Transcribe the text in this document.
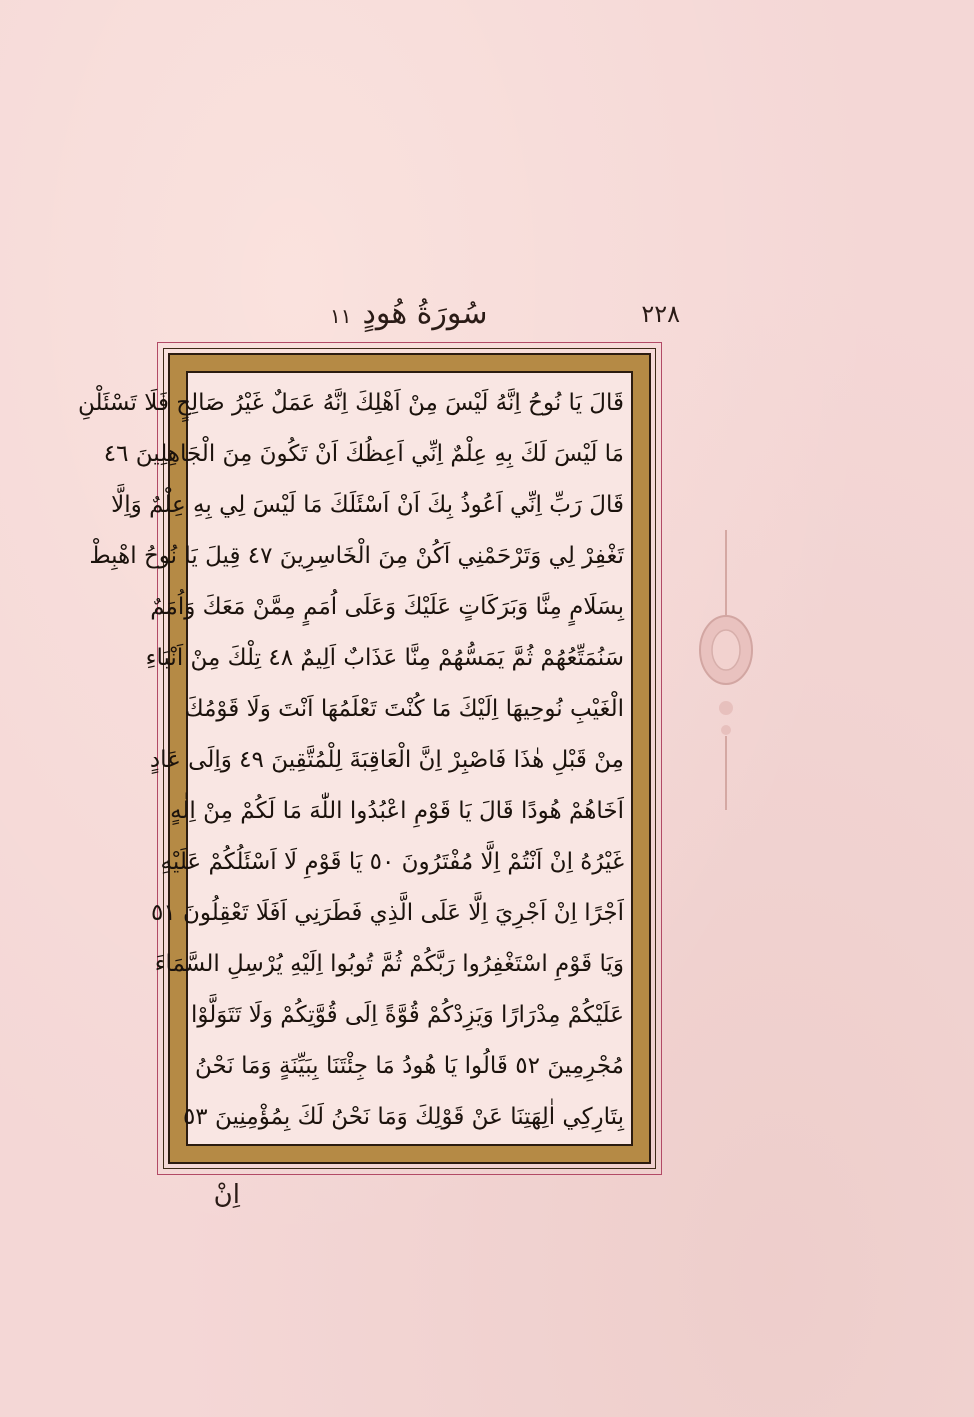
١١ سُورَةُ هُودٍ	٢٢٨
قَالَ يَا نُوحُ اِنَّهُ لَيْسَ مِنْ اَهْلِكَ اِنَّهُ عَمَلٌ غَيْرُ صَالِحٍ فَلَا تَسْئَلْنِ
مَا لَيْسَ لَكَ بِهِ عِلْمٌ اِنِّي اَعِظُكَ اَنْ تَكُونَ مِنَ الْجَاهِلِينَ ٤٦
قَالَ رَبِّ اِنِّي اَعُوذُ بِكَ اَنْ اَسْئَلَكَ مَا لَيْسَ لِي بِهِ عِلْمٌ وَاِلَّا
تَغْفِرْ لِي وَتَرْحَمْنِي اَكُنْ مِنَ الْخَاسِرِينَ ٤٧ قِيلَ يَا نُوحُ اهْبِطْ
بِسَلَامٍ مِنَّا وَبَرَكَاتٍ عَلَيْكَ وَعَلَى اُمَمٍ مِمَّنْ مَعَكَ وَاُمَمٌ
سَنُمَتِّعُهُمْ ثُمَّ يَمَسُّهُمْ مِنَّا عَذَابٌ اَلِيمٌ ٤٨ تِلْكَ مِنْ اَنْبَاءِ
الْغَيْبِ نُوحِيهَا اِلَيْكَ مَا كُنْتَ تَعْلَمُهَا اَنْتَ وَلَا قَوْمُكَ
مِنْ قَبْلِ هٰذَا فَاصْبِرْ اِنَّ الْعَاقِبَةَ لِلْمُتَّقِينَ ٤٩ وَاِلَى عَادٍ
اَخَاهُمْ هُودًا قَالَ يَا قَوْمِ اعْبُدُوا اللّٰهَ مَا لَكُمْ مِنْ اِلٰهٍ
غَيْرُهُ اِنْ اَنْتُمْ اِلَّا مُفْتَرُونَ ٥٠ يَا قَوْمِ لَا اَسْئَلُكُمْ عَلَيْهِ
اَجْرًا اِنْ اَجْرِيَ اِلَّا عَلَى الَّذِي فَطَرَنِي اَفَلَا تَعْقِلُونَ ٥١
وَيَا قَوْمِ اسْتَغْفِرُوا رَبَّكُمْ ثُمَّ تُوبُوا اِلَيْهِ يُرْسِلِ السَّمَاءَ
عَلَيْكُمْ مِدْرَارًا وَيَزِدْكُمْ قُوَّةً اِلَى قُوَّتِكُمْ وَلَا تَتَوَلَّوْا
مُجْرِمِينَ ٥٢ قَالُوا يَا هُودُ مَا جِئْتَنَا بِبَيِّنَةٍ وَمَا نَحْنُ
بِتَارِكِي اٰلِهَتِنَا عَنْ قَوْلِكَ وَمَا نَحْنُ لَكَ بِمُؤْمِنِينَ ٥٣
اِنْ
